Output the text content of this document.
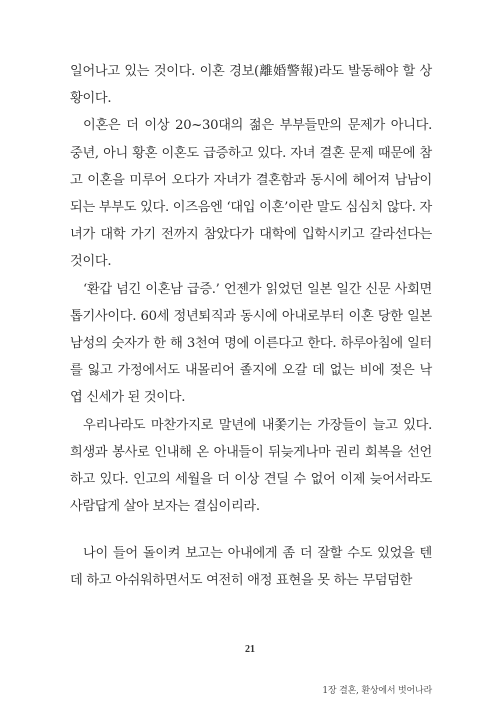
일어나고 있는 것이다. 이혼 경보(離婚警報)라도 발동해야 할 상황이다.

이혼은 더 이상 20~30대의 젊은 부부들만의 문제가 아니다. 중년, 아니 황혼 이혼도 급증하고 있다. 자녀 결혼 문제 때문에 참고 이혼을 미루어 오다가 자녀가 결혼함과 동시에 헤어져 남남이 되는 부부도 있다. 이즈음엔 ‘대입 이혼’이란 말도 심심치 않다. 자녀가 대학 가기 전까지 참았다가 대학에 입학시키고 갈라선다는 것이다.

‘환갑 넘긴 이혼남 급증.’ 언젠가 읽었던 일본 일간 신문 사회면 톱기사이다. 60세 정년퇴직과 동시에 아내로부터 이혼 당한 일본 남성의 숫자가 한 해 3천여 명에 이른다고 한다. 하루아침에 일터를 잃고 가정에서도 내몰리어 졸지에 오갈 데 없는 비에 젖은 낙엽 신세가 된 것이다.

우리나라도 마찬가지로 말년에 내쫓기는 가장들이 늘고 있다. 희생과 봉사로 인내해 온 아내들이 뒤늦게나마 권리 회복을 선언하고 있다. 인고의 세월을 더 이상 견딜 수 없어 이제 늦어서라도 사람답게 살아 보자는 결심이리라.

나이 들어 돌이켜 보고는 아내에게 좀 더 잘할 수도 있었을 텐데 하고 아쉬워하면서도 여전히 애정 표현을 못 하는 무덤덤한

21
1장 결혼, 환상에서 벗어나라
